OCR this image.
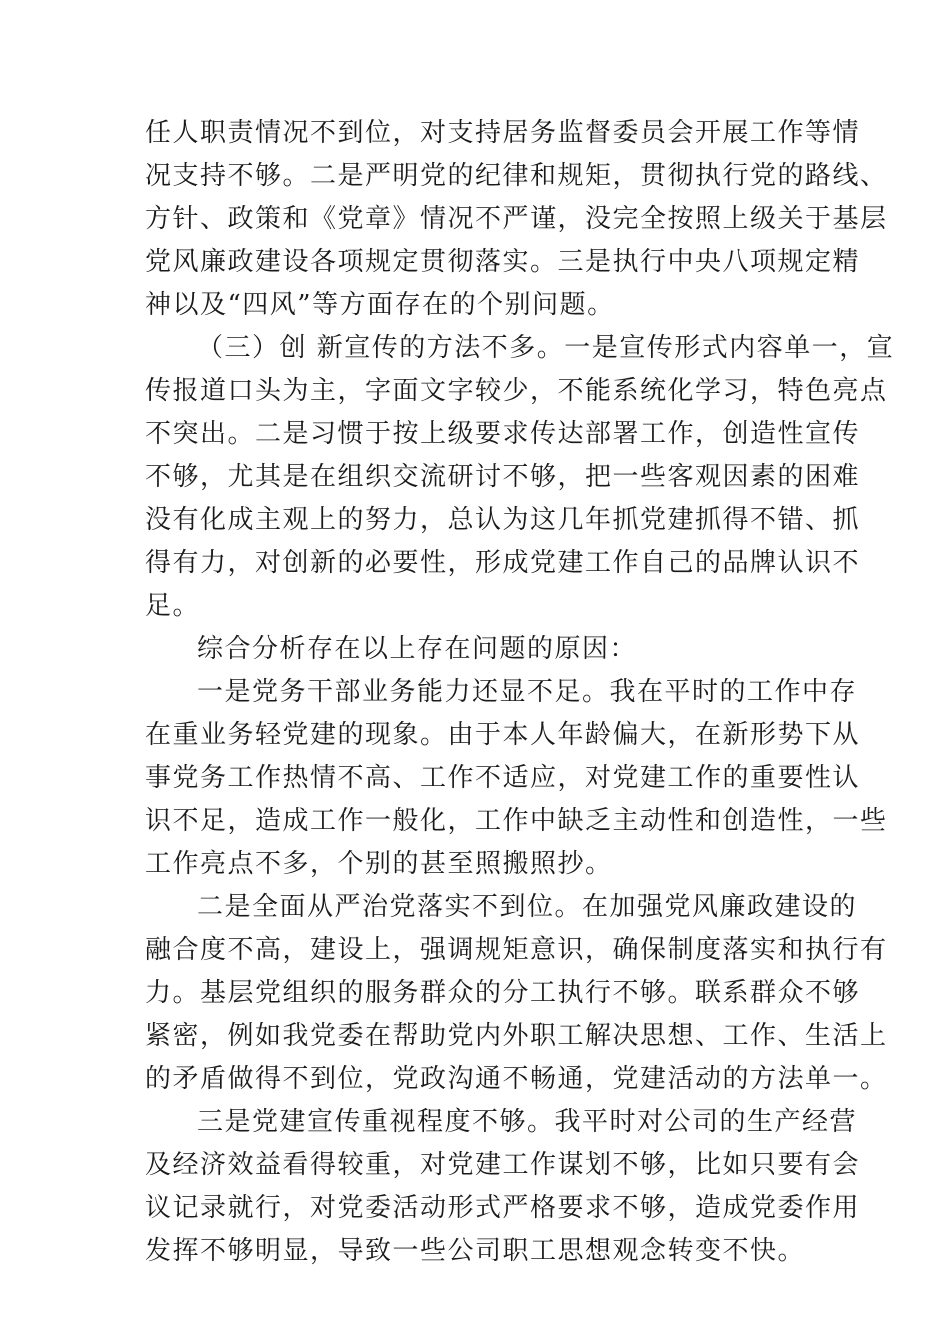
任人职责情况不到位，对支持居务监督委员会开展工作等情
况支持不够。二是严明党的纪律和规矩，贯彻执行党的路线、
方针、政策和《党章》情况不严谨，没完全按照上级关于基层
党风廉政建设各项规定贯彻落实。三是执行中央八项规定精
神以及“四风”等方面存在的个别问题。
（三）创 新宣传的方法不多。一是宣传形式内容单一，宣
传报道口头为主，字面文字较少，不能系统化学习，特色亮点
不突出。二是习惯于按上级要求传达部署工作，创造性宣传
不够，尤其是在组织交流研讨不够，把一些客观因素的困难
没有化成主观上的努力，总认为这几年抓党建抓得不错、抓
得有力，对创新的必要性，形成党建工作自己的品牌认识不
足。
综合分析存在以上存在问题的原因：
一是党务干部业务能力还显不足。我在平时的工作中存
在重业务轻党建的现象。由于本人年龄偏大，在新形势下从
事党务工作热情不高、工作不适应，对党建工作的重要性认
识不足，造成工作一般化，工作中缺乏主动性和创造性，一些
工作亮点不多，个别的甚至照搬照抄。
二是全面从严治党落实不到位。在加强党风廉政建设的
融合度不高，建设上，强调规矩意识，确保制度落实和执行有
力。基层党组织的服务群众的分工执行不够。联系群众不够
紧密，例如我党委在帮助党内外职工解决思想、工作、生活上
的矛盾做得不到位，党政沟通不畅通，党建活动的方法单一。
三是党建宣传重视程度不够。我平时对公司的生产经营
及经济效益看得较重，对党建工作谋划不够，比如只要有会
议记录就行，对党委活动形式严格要求不够，造成党委作用
发挥不够明显，导致一些公司职工思想观念转变不快。
